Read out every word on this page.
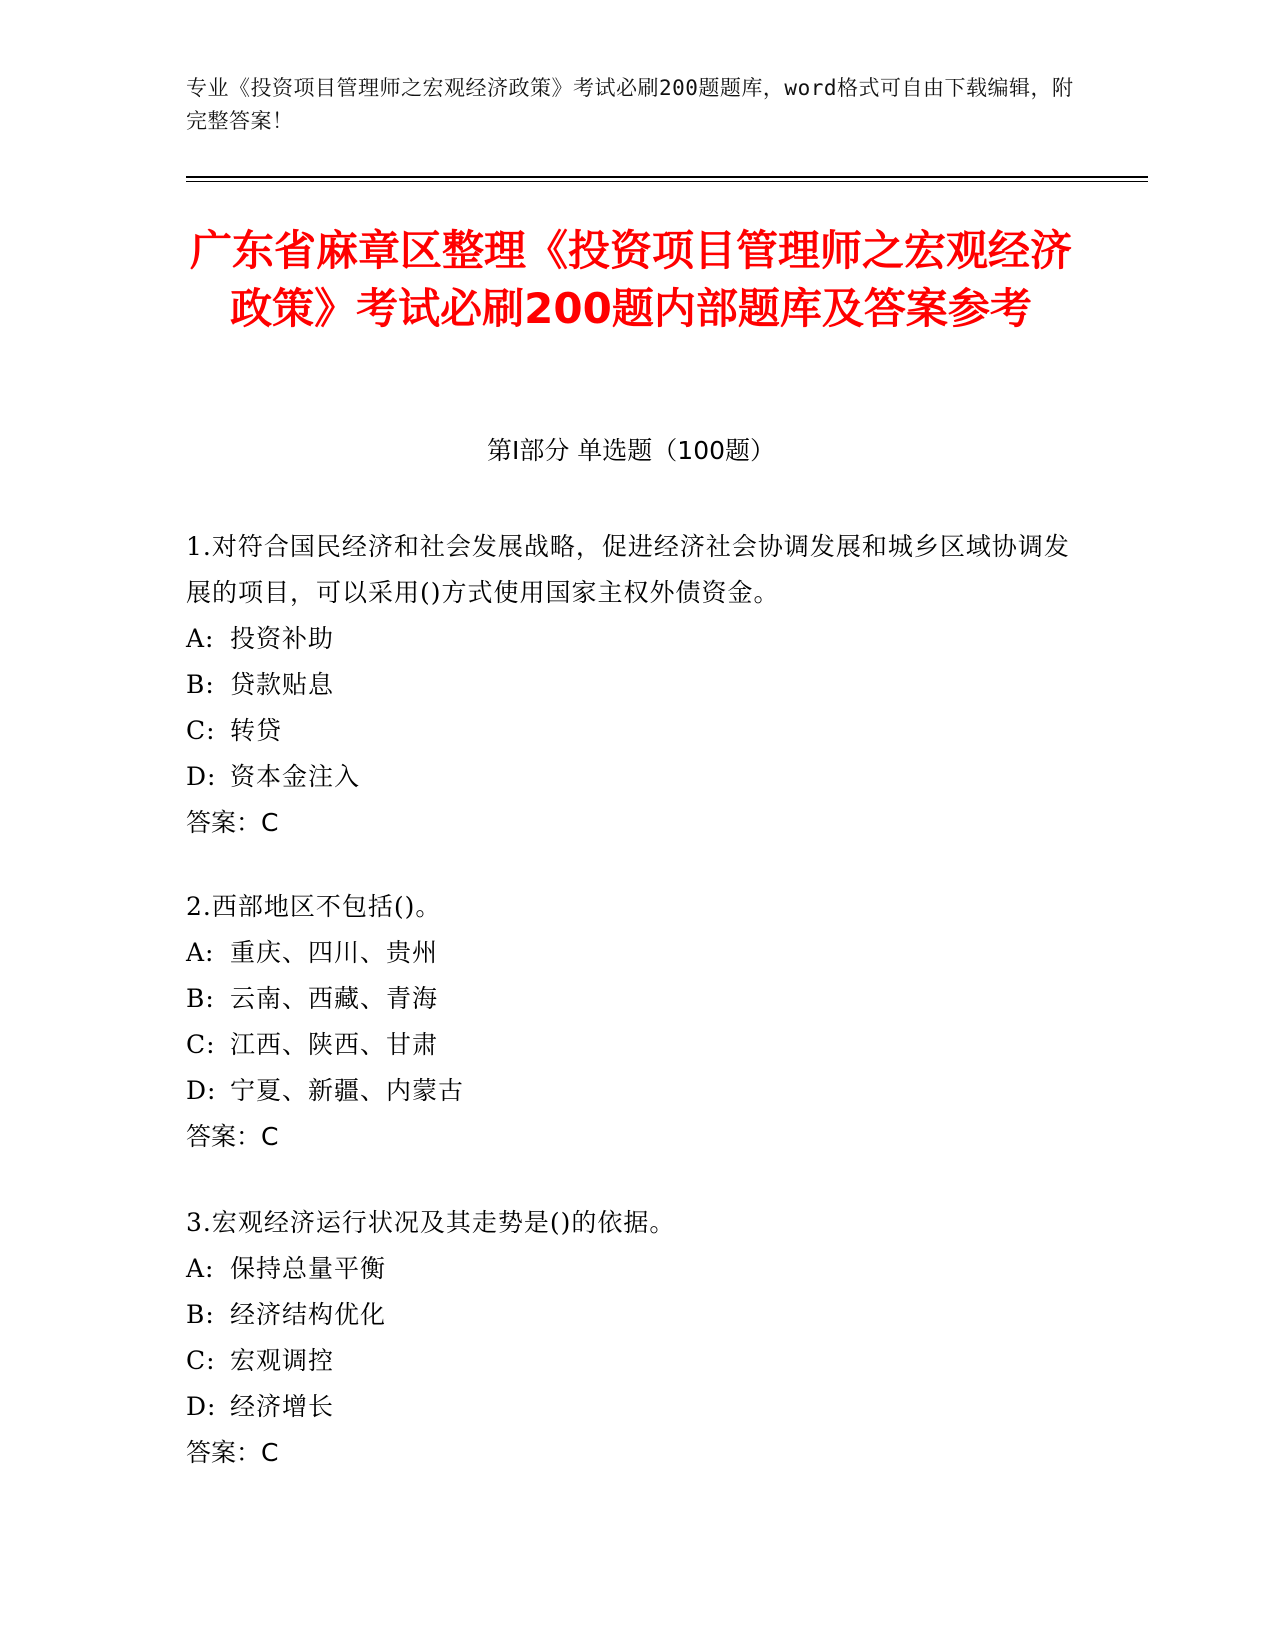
专业《投资项目管理师之宏观经济政策》考试必刷200题题库，word格式可自由下载编辑，附完整答案！
广东省麻章区整理《投资项目管理师之宏观经济政策》考试必刷200题内部题库及答案参考
第I部分 单选题（100题）
1.对符合国民经济和社会发展战略，促进经济社会协调发展和城乡区域协调发展的项目，可以采用()方式使用国家主权外债资金。
A: 投资补助
B: 贷款贴息
C: 转贷
D: 资本金注入
答案：C
2.西部地区不包括()。
A: 重庆、四川、贵州
B: 云南、西藏、青海
C: 江西、陕西、甘肃
D: 宁夏、新疆、内蒙古
答案：C
3.宏观经济运行状况及其走势是()的依据。
A: 保持总量平衡
B: 经济结构优化
C: 宏观调控
D: 经济增长
答案：C
